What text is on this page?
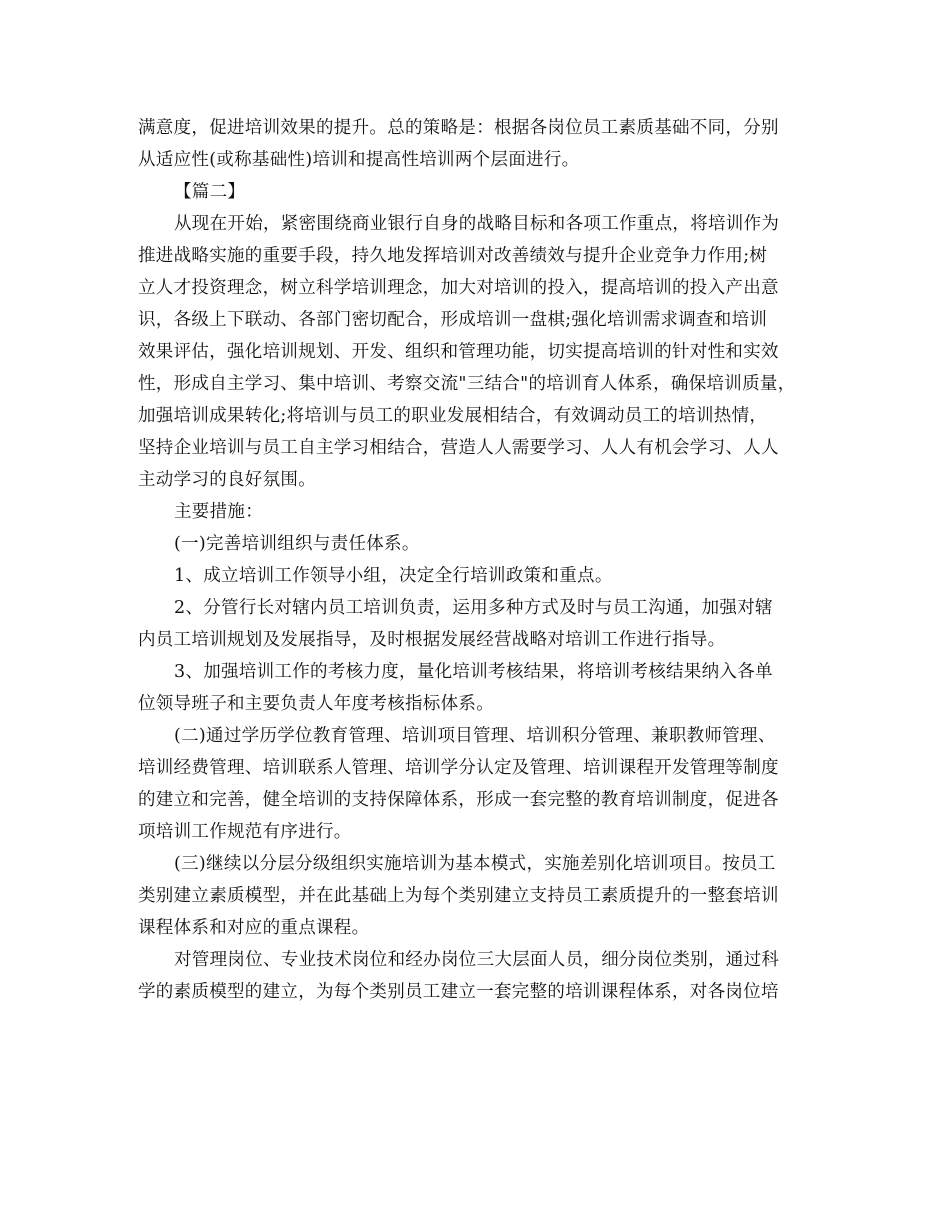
满意度，促进培训效果的提升。总的策略是：根据各岗位员工素质基础不同，分别
从适应性(或称基础性)培训和提高性培训两个层面进行。
【篇二】
从现在开始，紧密围绕商业银行自身的战略目标和各项工作重点，将培训作为
推进战略实施的重要手段，持久地发挥培训对改善绩效与提升企业竞争力作用;树
立人才投资理念，树立科学培训理念，加大对培训的投入，提高培训的投入产出意
识，各级上下联动、各部门密切配合，形成培训一盘棋;强化培训需求调查和培训
效果评估，强化培训规划、开发、组织和管理功能，切实提高培训的针对性和实效
性，形成自主学习、集中培训、考察交流"三结合"的培训育人体系，确保培训质量，
加强培训成果转化;将培训与员工的职业发展相结合，有效调动员工的培训热情，
坚持企业培训与员工自主学习相结合，营造人人需要学习、人人有机会学习、人人
主动学习的良好氛围。
主要措施：
(一)完善培训组织与责任体系。
1、成立培训工作领导小组，决定全行培训政策和重点。
2、分管行长对辖内员工培训负责，运用多种方式及时与员工沟通，加强对辖
内员工培训规划及发展指导，及时根据发展经营战略对培训工作进行指导。
3、加强培训工作的考核力度，量化培训考核结果，将培训考核结果纳入各单
位领导班子和主要负责人年度考核指标体系。
(二)通过学历学位教育管理、培训项目管理、培训积分管理、兼职教师管理、
培训经费管理、培训联系人管理、培训学分认定及管理、培训课程开发管理等制度
的建立和完善，健全培训的支持保障体系，形成一套完整的教育培训制度，促进各
项培训工作规范有序进行。
(三)继续以分层分级组织实施培训为基本模式，实施差别化培训项目。按员工
类别建立素质模型，并在此基础上为每个类别建立支持员工素质提升的一整套培训
课程体系和对应的重点课程。
对管理岗位、专业技术岗位和经办岗位三大层面人员，细分岗位类别，通过科
学的素质模型的建立，为每个类别员工建立一套完整的培训课程体系，对各岗位培
